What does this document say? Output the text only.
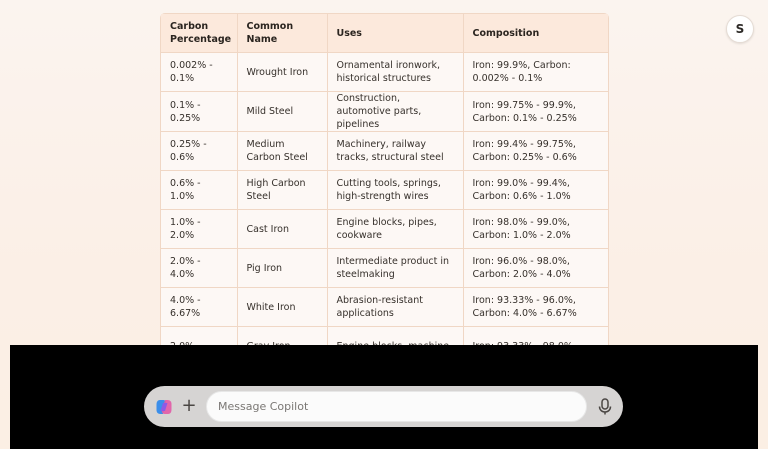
S
Carbon Percentage	Common Name	Uses	Composition
0.002% - 0.1%	Wrought Iron	Ornamental ironwork, historical structures	Iron: 99.9%, Carbon: 0.002% - 0.1%
0.1% - 0.25%	Mild Steel	Construction, automotive parts, pipelines	Iron: 99.75% - 99.9%, Carbon: 0.1% - 0.25%
0.25% - 0.6%	Medium Carbon Steel	Machinery, railway tracks, structural steel	Iron: 99.4% - 99.75%, Carbon: 0.25% - 0.6%
0.6% - 1.0%	High Carbon Steel	Cutting tools, springs, high-strength wires	Iron: 99.0% - 99.4%, Carbon: 0.6% - 1.0%
1.0% - 2.0%	Cast Iron	Engine blocks, pipes, cookware	Iron: 98.0% - 99.0%, Carbon: 1.0% - 2.0%
2.0% - 4.0%	Pig Iron	Intermediate product in steelmaking	Iron: 96.0% - 98.0%, Carbon: 2.0% - 4.0%
4.0% - 6.67%	White Iron	Abrasion-resistant applications	Iron: 93.33% - 96.0%, Carbon: 4.0% - 6.67%

+
Message Copilot
